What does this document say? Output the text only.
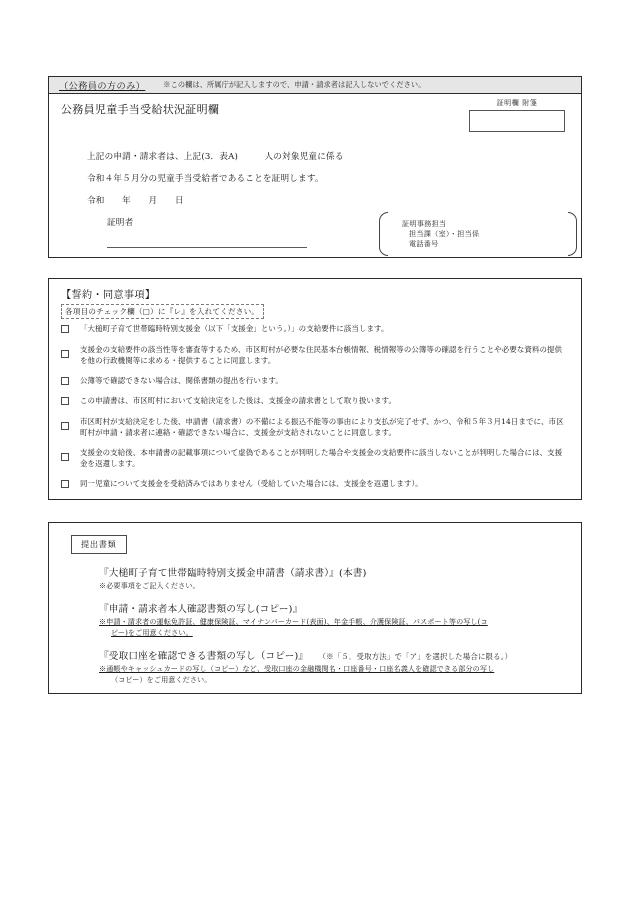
（公務員の方のみ）	※この欄は、所属庁が記入しますので、申請・請求者は記入しないでください。
公務員児童手当受給状況証明欄	証明欄 附箋
上記の申請・請求者は、上記(3．表A)　　　人の対象児童に係る
令和４年５月分の児童手当受給者であることを証明します。
令和　　年　　月　　日
証明者	証明事務担当
担当課（室）・担当係
電話番号
【誓約・同意事項】
各項目のチェック欄（□）に『レ』を入れてください。
「大槌町子育て世帯臨時特別支援金（以下「支援金」という。）」の支給要件に該当します。
支援金の支給要件の該当性等を審査等するため、市区町村が必要な住民基本台帳情報、税情報等の公簿等の確認を行うことや必要な資料の提供を他の行政機関等に求める・提供することに同意します。
公簿等で確認できない場合は、関係書類の提出を行います。
この申請書は、市区町村において支給決定をした後は、支援金の請求書として取り扱います。
市区町村が支給決定をした後、申請書（請求書）の不備による振込不能等の事由により支払が完了せず、かつ、令和５年３月14日までに、市区町村が申請・請求者に連絡・確認できない場合に、支援金が支給されないことに同意します。
支援金の支給後、本申請書の記載事項について虚偽であることが判明した場合や支援金の支給要件に該当しないことが判明した場合には、支援金を返還します。
同一児童について支援金を受給済みではありません（受給していた場合には、支援金を返還します）。
提出書類
『大槌町子育て世帯臨時特別支援金申請書（請求書）』(本書)
※必要事項をご記入ください。
『申請・請求者本人確認書類の写し(コピー)』
※申請・請求者の運転免許証、健康保険証、マイナンバーカード(表面)、年金手帳、介護保険証、パスポート等の写し(コ
ピー)をご用意ください。
『受取口座を確認できる書類の写し（コピー)』 （※「５．受取方法」で「ア」を選択した場合に限る。）
※通帳やキャッシュカードの写し（コピー）など、受取口座の金融機関名・口座番号・口座名義人を確認できる部分の写し
（コピー）をご用意ください。
